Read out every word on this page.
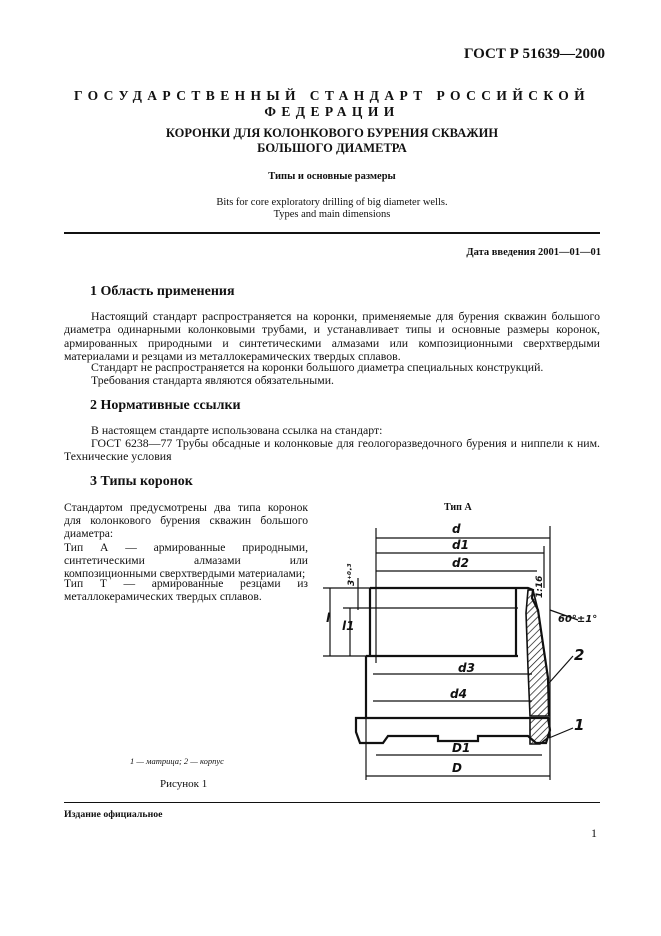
ГОСТ Р 51639—2000
ГОСУДАРСТВЕННЫЙ СТАНДАРТ РОССИЙСКОЙ ФЕДЕРАЦИИ
КОРОНКИ ДЛЯ КОЛОНКОВОГО БУРЕНИЯ СКВАЖИН
БОЛЬШОГО ДИАМЕТРА
Типы и основные размеры
Bits for core exploratory drilling of big diameter wells.
Types and main dimensions
Дата введения 2001—01—01
1 Область применения

Настоящий стандарт распространяется на коронки, применяемые для бурения скважин большого диаметра одинарными колонковыми трубами, и устанавливает типы и основные размеры коронок, армированных природными и синтетическими алмазами или композиционными сверхтвердыми материалами и резцами из металлокерамических твердых сплавов.

Стандарт не распространяется на коронки большого диаметра специальных конструкций.

Требования стандарта являются обязательными.

2 Нормативные ссылки

В настоящем стандарте использована ссылка на стандарт:

ГОСТ 6238—77 Трубы обсадные и колонковые для геологоразведочного бурения и ниппели к ним. Технические условия

3 Типы коронок

Стандартом предусмотрены два типа коронок для колонкового бурения скважин большого диаметра:

Тип А — армированные природными, синтетическими алмазами или композиционными сверхтвердыми материалами;

Тип Т — армированные резцами из металлокерамических твердых сплавов.

Тип А
d
d1
d2
d3
d4
D1
D
l
l1
3⁺⁰·³
1:16
60°±1°
2
1
1 — матрица; 2 — корпус
Рисунок 1
Издание официальное
1
